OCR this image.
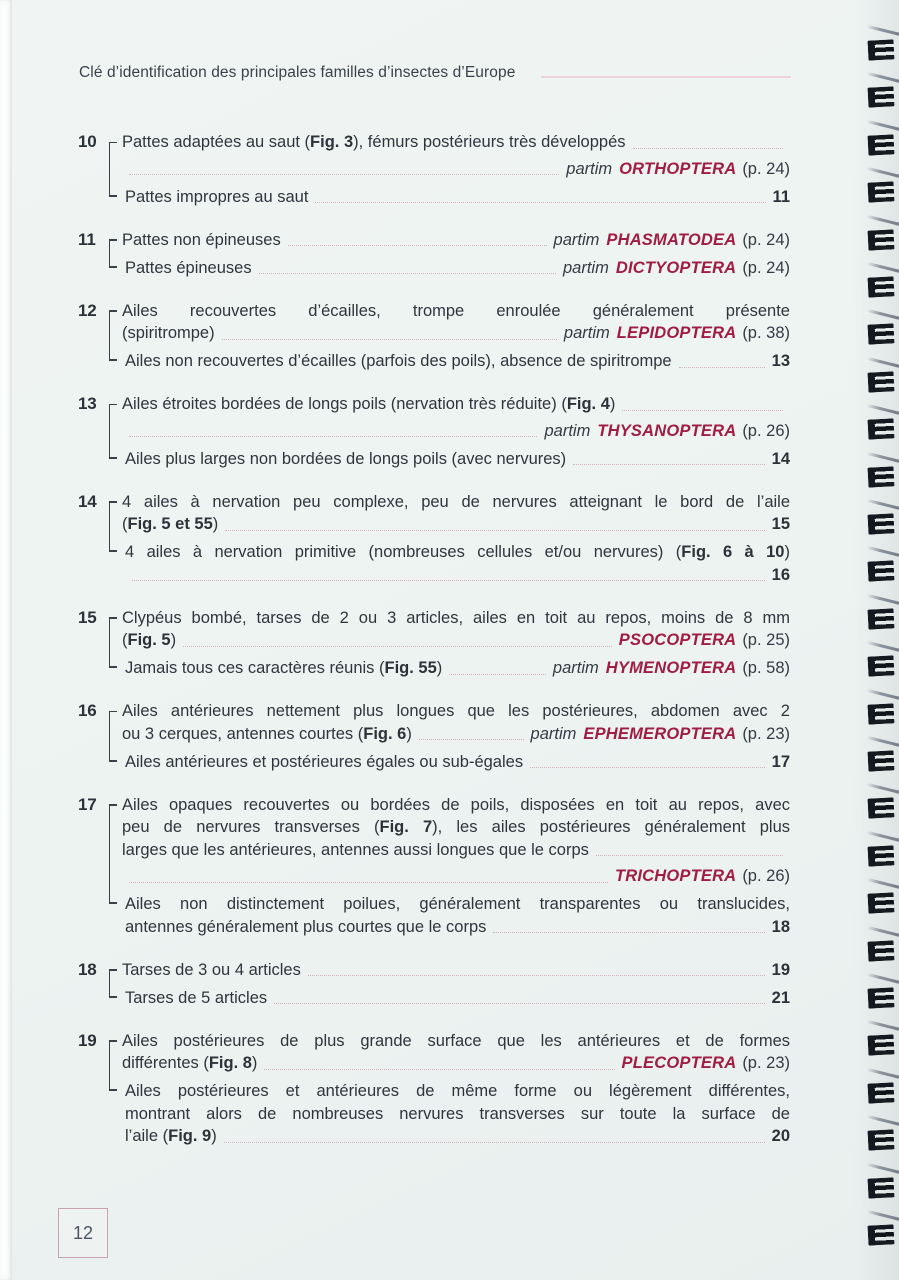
Clé d’identification des principales familles d’insectes d’Europe
10	Pattes adaptées au saut (Fig. 3), fémurs postérieurs très développés
partim ORTHOPTERA (p. 24)
Pattes impropres au saut	11
11	Pattes non épineuses	partim PHASMATODEA (p. 24)
Pattes épineuses	partim DICTYOPTERA (p. 24)
12	Ailes recouvertes d’écailles, trompe enroulée généralement présente
(spiritrompe)	partim LEPIDOPTERA (p. 38)
Ailes non recouvertes d’écailles (parfois des poils), absence de spiritrompe	13
13	Ailes étroites bordées de longs poils (nervation très réduite) (Fig. 4)
partim THYSANOPTERA (p. 26)
Ailes plus larges non bordées de longs poils (avec nervures)	14
14	4 ailes à nervation peu complexe, peu de nervures atteignant le bord de l’aile
(Fig. 5 et 55)	15
4 ailes à nervation primitive (nombreuses cellules et/ou nervures) (Fig. 6 à 10)
16
15	Clypéus bombé, tarses de 2 ou 3 articles, ailes en toit au repos, moins de 8 mm
(Fig. 5)	PSOCOPTERA (p. 25)
Jamais tous ces caractères réunis (Fig. 55)	partim HYMENOPTERA (p. 58)
16	Ailes antérieures nettement plus longues que les postérieures, abdomen avec 2
ou 3 cerques, antennes courtes (Fig. 6)	partim EPHEMEROPTERA (p. 23)
Ailes antérieures et postérieures égales ou sub-égales	17
17	Ailes opaques recouvertes ou bordées de poils, disposées en toit au repos, avec
peu de nervures transverses (Fig. 7), les ailes postérieures généralement plus
larges que les antérieures, antennes aussi longues que le corps
TRICHOPTERA (p. 26)
Ailes non distinctement poilues, généralement transparentes ou translucides,
antennes généralement plus courtes que le corps	18
18	Tarses de 3 ou 4 articles	19
Tarses de 5 articles	21
19	Ailes postérieures de plus grande surface que les antérieures et de formes
différentes (Fig. 8)	PLECOPTERA (p. 23)
Ailes postérieures et antérieures de même forme ou légèrement différentes,
montrant alors de nombreuses nervures transverses sur toute la surface de
l’aile (Fig. 9)	20
12
